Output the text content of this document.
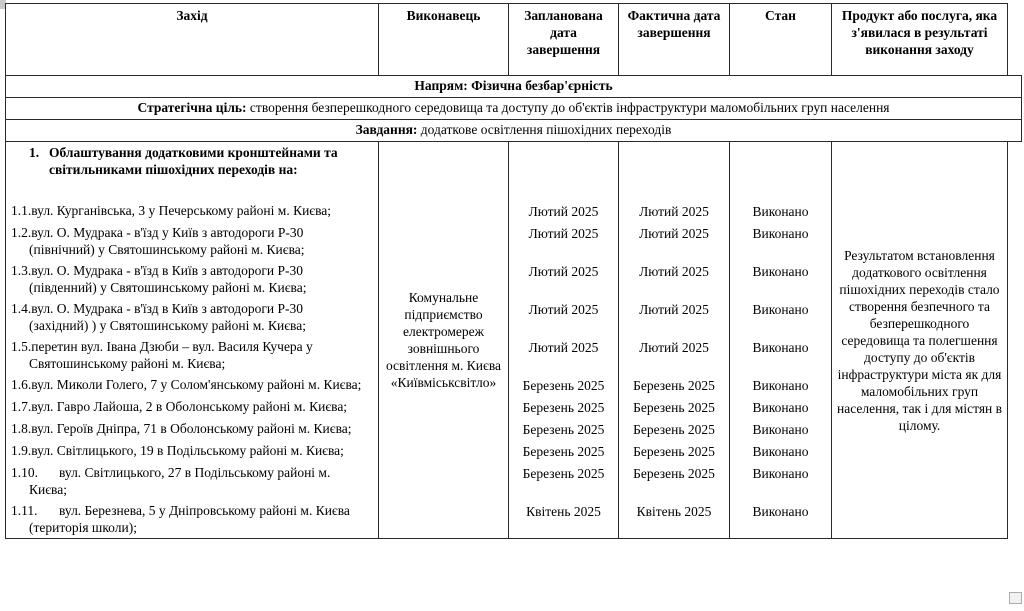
Захід	Виконавець	Запланована дата завершення	Фактична дата завершення	Стан	Продукт або послуга, яка з'явилася в результаті виконання заходу
Напрям: Фізична безбар'єрність
Стратегічна ціль: створення безперешкодного середовища та доступу до об'єктів інфраструктури маломобільних груп населення
Завдання: додаткове освітлення пішохідних переходів
1. Облаштування додатковими кронштейнами та світильниками пішохідних переходів на:	Комунальне підприємство електромереж зовнішнього освітлення м. Києва «Київміськсвітло»				Результатом встановлення додаткового освітлення пішохідних переходів стало створення безпечного та безперешкодного середовища та полегшення доступу до об'єктів інфраструктури міста як для маломобільних груп населення, так і для містян в цілому.
1.1.вул. Курганівська, 3 у Печерському районі м. Києва;		Лютий 2025	Лютий 2025	Виконано	
1.2.вул. О. Мудрака - в'їзд у Київ з автодороги Р-30 (північний) у Святошинському районі м. Києва;		Лютий 2025	Лютий 2025	Виконано	
1.3.вул. О. Мудрака - в'їзд в Київ з автодороги Р-30 (південний) у Святошинському районі м. Києва;		Лютий 2025	Лютий 2025	Виконано	
1.4.вул. О. Мудрака - в'їзд в Київ з автодороги Р-30 (західний) ) у Святошинському районі м. Києва;		Лютий 2025	Лютий 2025	Виконано	
1.5.перетин вул. Івана Дзюби – вул. Василя Кучера у Святошинському районі м. Києва;		Лютий 2025	Лютий 2025	Виконано	
1.6.вул. Миколи Голего, 7 у Солом'янському районі м. Києва;		Березень 2025	Березень 2025	Виконано	
1.7.вул. Гавро Лайоша, 2 в Оболонському районі м. Києва;		Березень 2025	Березень 2025	Виконано	
1.8.вул. Героїв Дніпра, 71 в Оболонському районі м. Києва;		Березень 2025	Березень 2025	Виконано	
1.9.вул. Світлицького, 19 в Подільському районі м. Києва;		Березень 2025	Березень 2025	Виконано	
1.10. вул. Світлицького, 27 в Подільському районі м. Києва;		Березень 2025	Березень 2025	Виконано	
1.11. вул. Березнева, 5 у Дніпровському районі м. Києва (територія школи);		Квітень 2025	Квітень 2025	Виконано	
